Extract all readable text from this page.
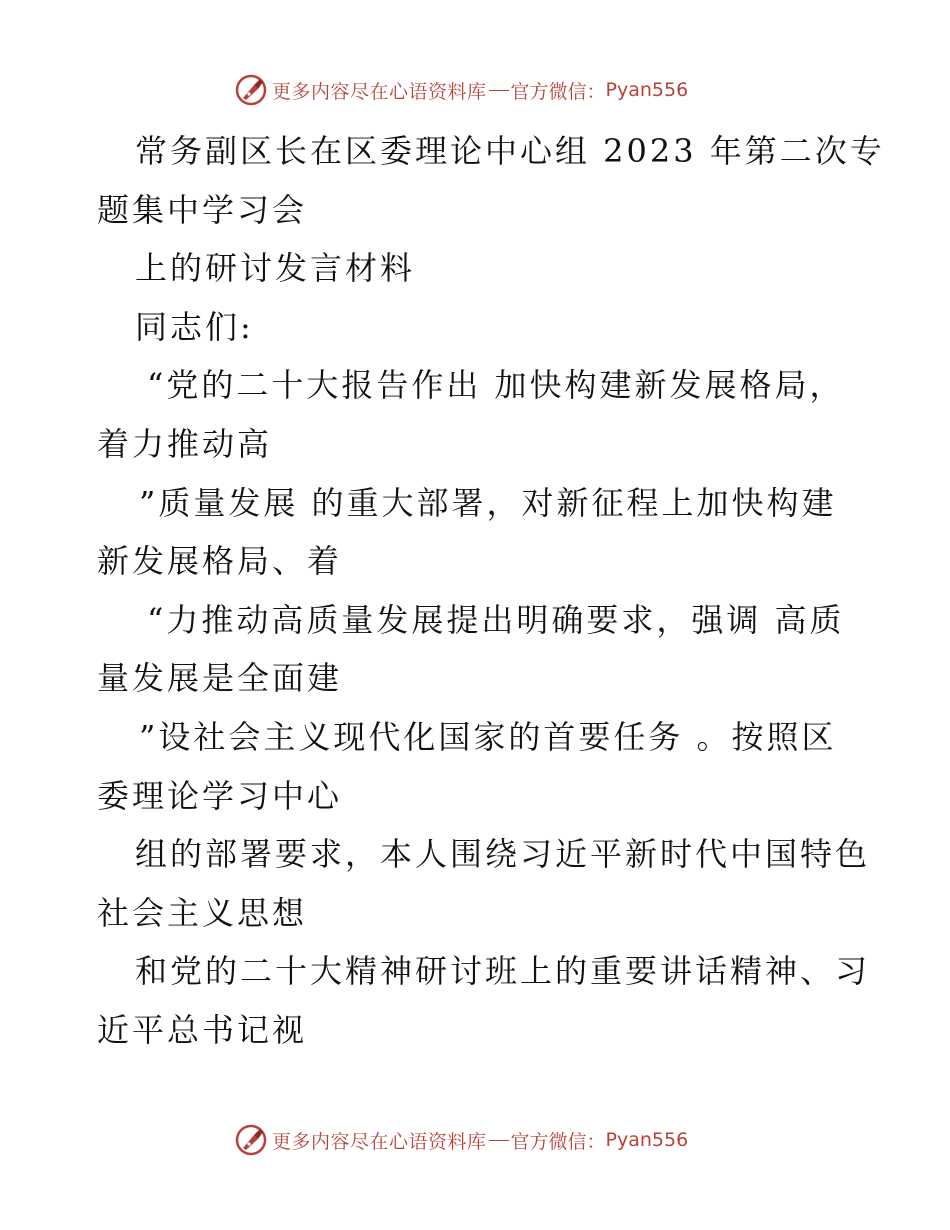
更多内容尽在心语资料库 官方微信： Pyan556
常务副区长在区委理论中心组 2023 年第二次专
题集中学习会
上的研讨发言材料
同志们:
“党的二十大报告作出 加快构建新发展格局，
着力推动高
”质量发展 的重大部署，对新征程上加快构建
新发展格局、着
“力推动高质量发展提出明确要求，强调 高质
量发展是全面建
”设社会主义现代化国家的首要任务 。按照区
委理论学习中心
组的部署要求，本人围绕习近平新时代中国特色
社会主义思想
和党的二十大精神研讨班上的重要讲话精神、习
近平总书记视
更多内容尽在心语资料库 官方微信： Pyan556
